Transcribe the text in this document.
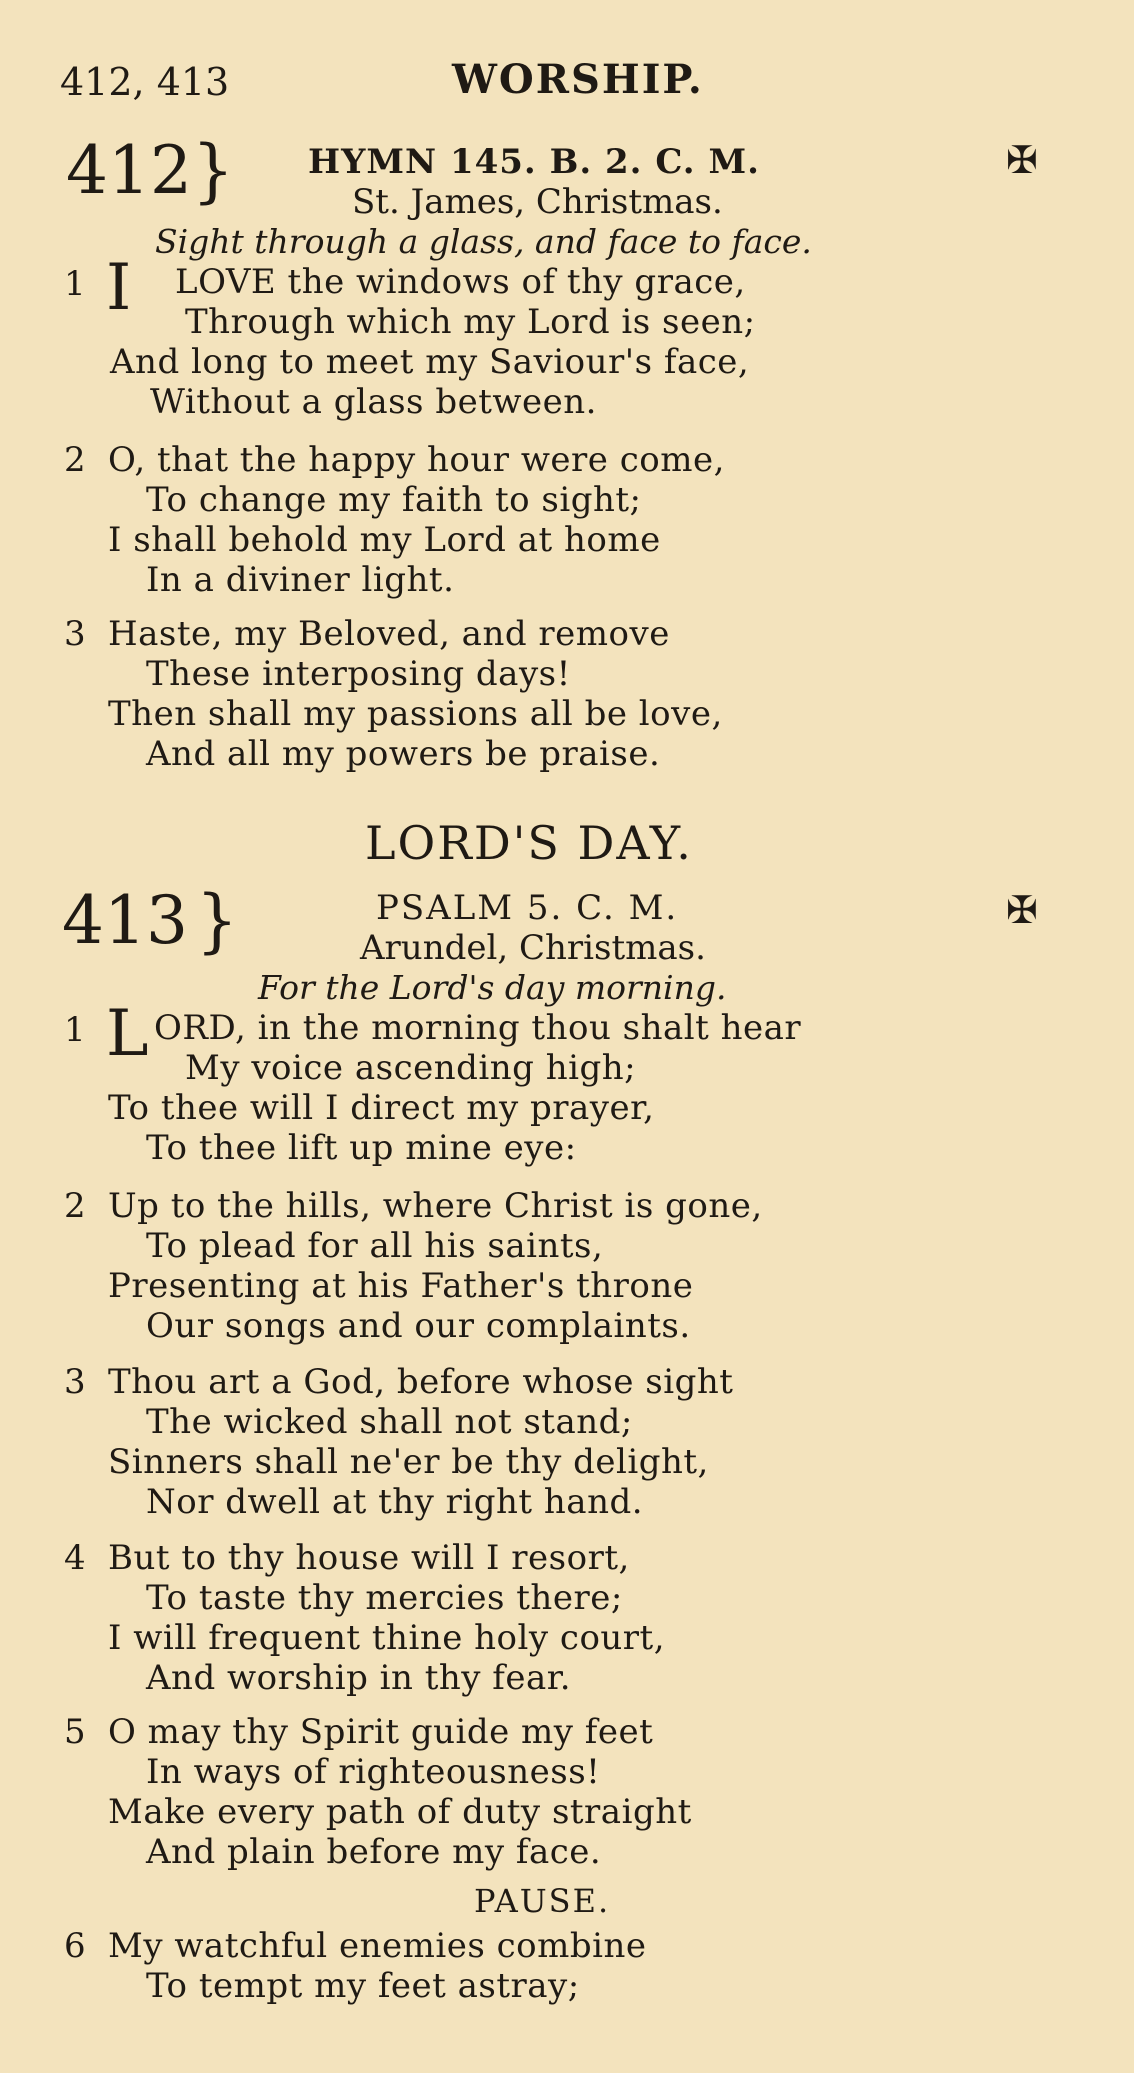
412, 413	WORSHIP.
412 } HYMN 145. B. 2. C. M.
St. James, Christmas.
✠
Sight through a glass, and face to face.
1 I LOVE the windows of thy grace,
Through which my Lord is seen;
And long to meet my Saviour's face,
Without a glass between.
2 O, that the happy hour were come,
To change my faith to sight;
I shall behold my Lord at home
In a diviner light.
3 Haste, my Beloved, and remove
These interposing days!
Then shall my passions all be love,
And all my powers be praise.
LORD'S DAY.
413 }	PSALM 5. C. M.
Arundel, Christmas.
✠
For the Lord's day morning.
1 L ORD, in the morning thou shalt hear
My voice ascending high;
To thee will I direct my prayer,
To thee lift up mine eye:
2 Up to the hills, where Christ is gone,
To plead for all his saints,
Presenting at his Father's throne
Our songs and our complaints.
3 Thou art a God, before whose sight
The wicked shall not stand;
Sinners shall ne'er be thy delight,
Nor dwell at thy right hand.
4 But to thy house will I resort,
To taste thy mercies there;
I will frequent thine holy court,
And worship in thy fear.
5 O may thy Spirit guide my feet
In ways of righteousness!
Make every path of duty straight
And plain before my face.
PAUSE.
6 My watchful enemies combine
To tempt my feet astray;
